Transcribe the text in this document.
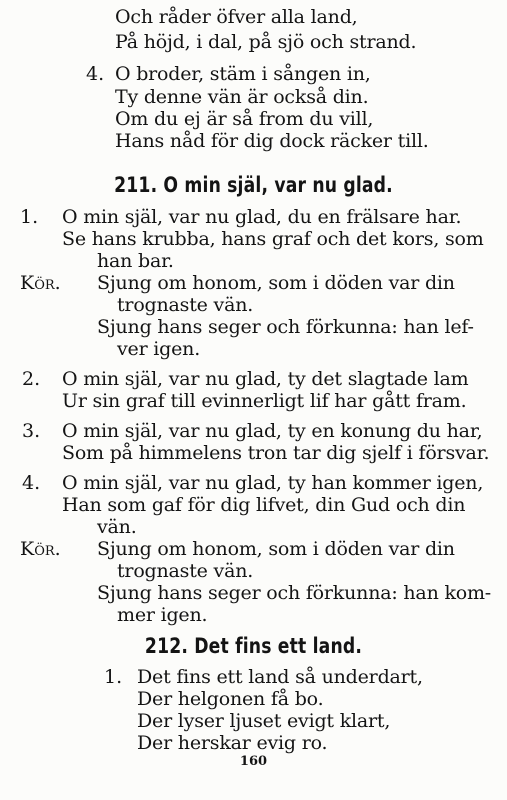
Och råder öfver alla land,
På höjd, i dal, på sjö och strand.
4. O broder, stäm i sången in,
Ty denne vän är också din.
Om du ej är så from du vill,
Hans nåd för dig dock räcker till.
211. O min själ, var nu glad.
1. O min själ, var nu glad, du en frälsare har.
Se hans krubba, hans graf och det kors, som
han bar.
Kör. Sjung om honom, som i döden var din
trognaste vän.
Sjung hans seger och förkunna: han lef-
ver igen.
2. O min själ, var nu glad, ty det slagtade lam
Ur sin graf till evinnerligt lif har gått fram.
3. O min själ, var nu glad, ty en konung du har,
Som på himmelens tron tar dig sjelf i försvar.
4. O min själ, var nu glad, ty han kommer igen,
Han som gaf för dig lifvet, din Gud och din
vän.
Kör. Sjung om honom, som i döden var din
trognaste vän.
Sjung hans seger och förkunna: han kom-
mer igen.
212. Det fins ett land.
1. Det fins ett land så underdart,
Der helgonen få bo.
Der lyser ljuset evigt klart,
Der herskar evig ro.
160
